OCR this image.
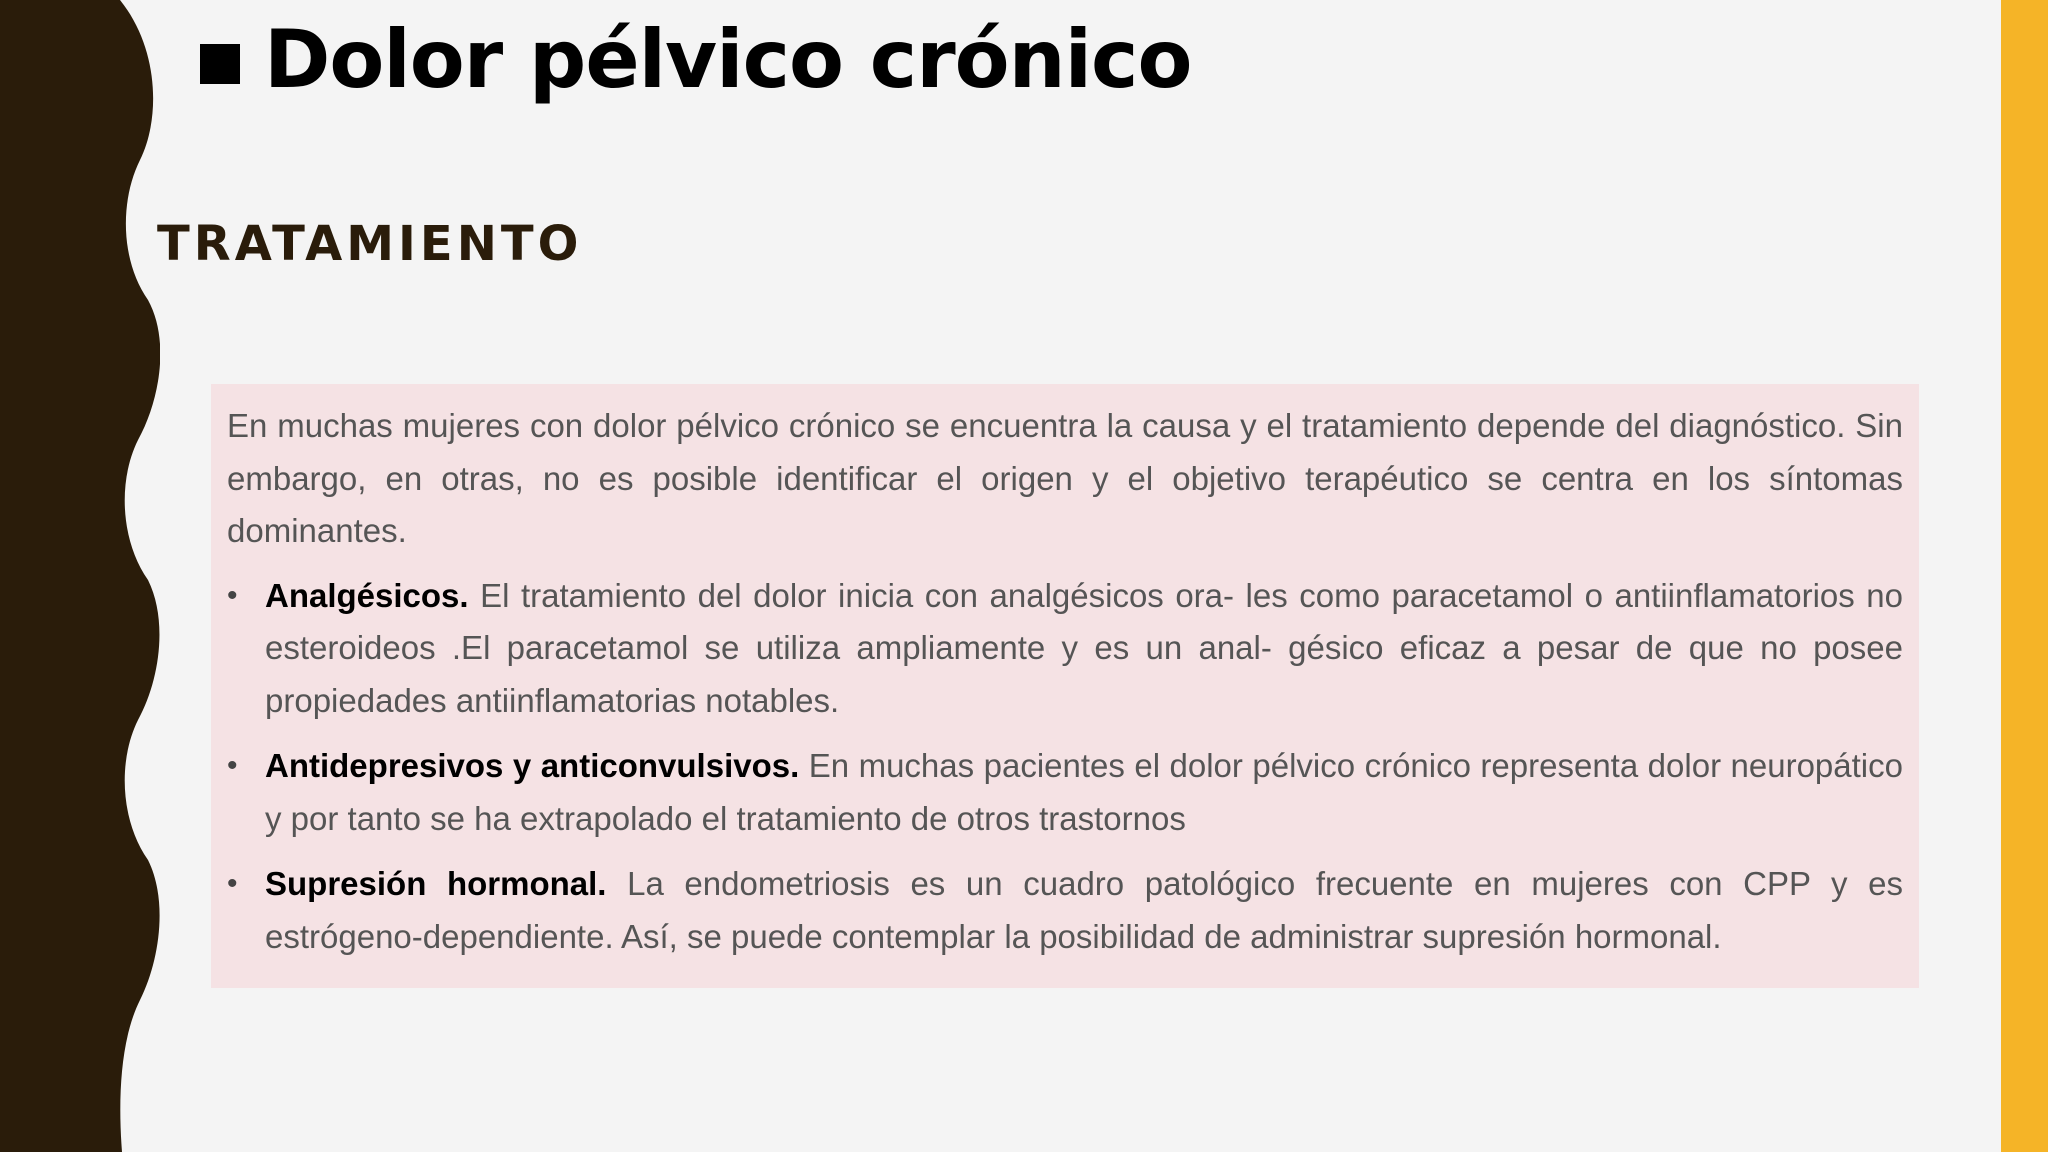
Dolor pélvico crónico
TRATAMIENTO

En muchas mujeres con dolor pélvico crónico se encuentra la causa y el tratamiento depende del diagnóstico. Sin embargo, en otras, no es posible identificar el origen y el objetivo terapéutico se centra en los síntomas dominantes.

• Analgésicos. El tratamiento del dolor inicia con analgésicos ora- les como paracetamol o antiinflamatorios no esteroideos .El paracetamol se utiliza ampliamente y es un anal- gésico eficaz a pesar de que no posee propiedades antiinflamatorias notables.
• Antidepresivos y anticonvulsivos. En muchas pacientes el dolor pélvico crónico representa dolor neuropático y por tanto se ha extrapolado el tratamiento de otros trastornos
• Supresión hormonal. La endometriosis es un cuadro patológico frecuente en mujeres con CPP y es estrógeno-dependiente. Así, se puede contemplar la posibilidad de administrar supresión hormonal.
